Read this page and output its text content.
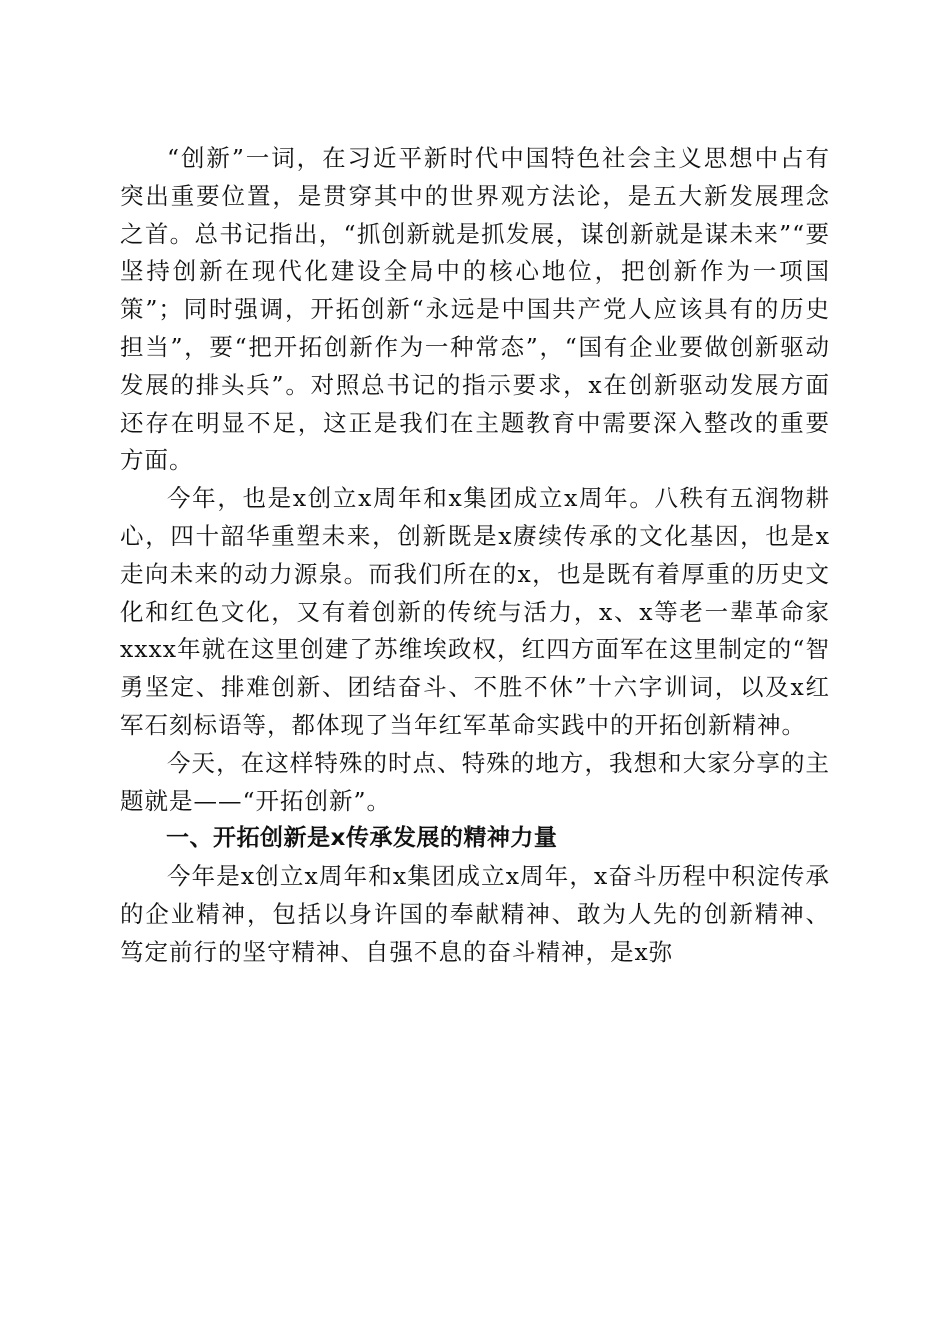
“创新”一词，在习近平新时代中国特色社会主义思想中占有突出重要位置，是贯穿其中的世界观方法论，是五大新发展理念之首。总书记指出，“抓创新就是抓发展，谋创新就是谋未来”“要坚持创新在现代化建设全局中的核心地位，把创新作为一项国策”；同时强调，开拓创新“永远是中国共产党人应该具有的历史担当”，要“把开拓创新作为一种常态”，“国有企业要做创新驱动发展的排头兵”。对照总书记的指示要求，x在创新驱动发展方面还存在明显不足，这正是我们在主题教育中需要深入整改的重要方面。

今年，也是x创立x周年和x集团成立x周年。八秩有五润物耕心，四十韶华重塑未来，创新既是x赓续传承的文化基因，也是x走向未来的动力源泉。而我们所在的x，也是既有着厚重的历史文化和红色文化，又有着创新的传统与活力，x、x等老一辈革命家xxxx年就在这里创建了苏维埃政权，红四方面军在这里制定的“智勇坚定、排难创新、团结奋斗、不胜不休”十六字训词，以及x红军石刻标语等，都体现了当年红军革命实践中的开拓创新精神。

今天，在这样特殊的时点、特殊的地方，我想和大家分享的主题就是——“开拓创新”。

一、开拓创新是x传承发展的精神力量

今年是x创立x周年和x集团成立x周年，x奋斗历程中积淀传承的企业精神，包括以身许国的奉献精神、敢为人先的创新精神、笃定前行的坚守精神、自强不息的奋斗精神，是x弥
